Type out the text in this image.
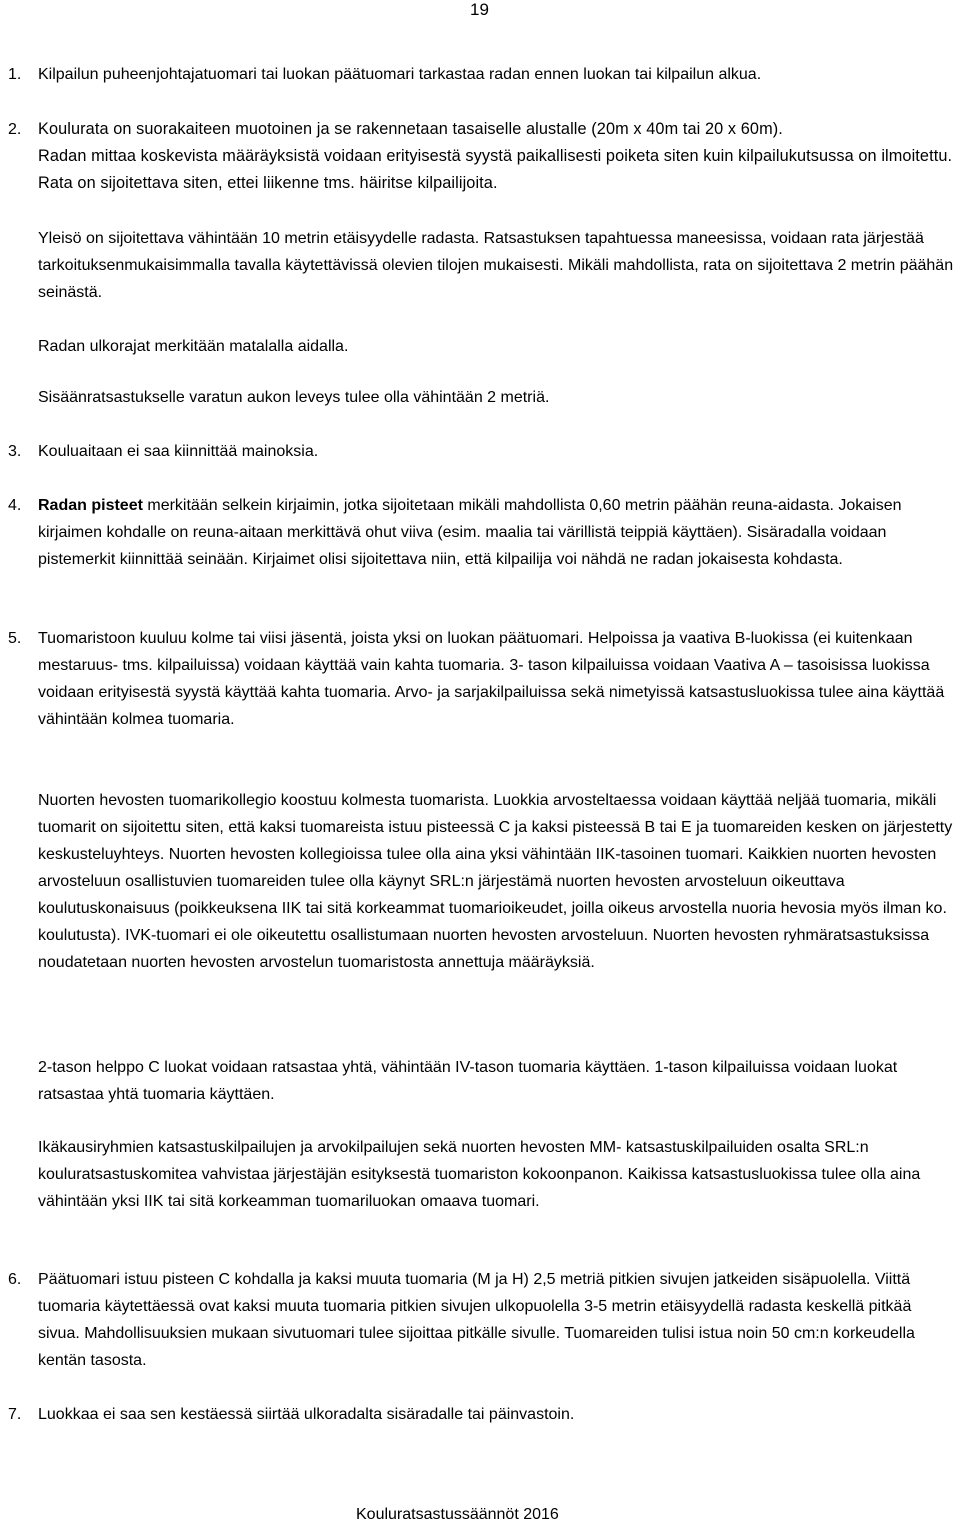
19
1.	Kilpailun puheenjohtajatuomari tai luokan päätuomari tarkastaa radan ennen luokan tai kilpailun alkua.
2.	Koulurata on suorakaiteen muotoinen ja se rakennetaan tasaiselle alustalle (20m x 40m tai 20 x 60m).
Radan mittaa koskevista määräyksistä voidaan erityisestä syystä paikallisesti poiketa siten kuin kilpailukutsussa on ilmoitettu. Rata on sijoitettava siten, ettei liikenne tms. häiritse kilpailijoita.
Yleisö on sijoitettava vähintään 10 metrin etäisyydelle radasta. Ratsastuksen tapahtuessa maneesissa, voidaan rata järjestää tarkoituksenmukaisimmalla tavalla käytettävissä olevien tilojen mukaisesti. Mikäli mahdollista, rata on sijoitettava 2 metrin päähän seinästä.
Radan ulkorajat merkitään matalalla aidalla.
Sisäänratsastukselle varatun aukon leveys tulee olla vähintään 2 metriä.
3.	Kouluaitaan ei saa kiinnittää mainoksia.
4.	Radan pisteet merkitään selkein kirjaimin, jotka sijoitetaan mikäli mahdollista 0,60 metrin päähän reuna-aidasta. Jokaisen kirjaimen kohdalle on reuna-aitaan merkittävä ohut viiva (esim. maalia tai värillistä teippiä käyttäen). Sisäradalla voidaan pistemerkit kiinnittää seinään. Kirjaimet olisi sijoitettava niin, että kilpailija voi nähdä ne radan jokaisesta kohdasta.
5.	Tuomaristoon kuuluu kolme tai viisi jäsentä, joista yksi on luokan päätuomari. Helpoissa ja vaativa B-luokissa (ei kuitenkaan mestaruus- tms. kilpailuissa) voidaan käyttää vain kahta tuomaria. 3- tason kilpailuissa voidaan Vaativa A – tasoisissa luokissa voidaan erityisestä syystä käyttää kahta tuomaria. Arvo- ja sarjakilpailuissa sekä nimetyissä katsastusluokissa tulee aina käyttää vähintään kolmea tuomaria.
Nuorten hevosten tuomarikollegio koostuu kolmesta tuomarista. Luokkia arvosteltaessa voidaan käyttää neljää tuomaria, mikäli tuomarit on sijoitettu siten, että kaksi tuomareista istuu pisteessä C ja kaksi pisteessä B tai E ja tuomareiden kesken on järjestetty keskusteluyhteys. Nuorten hevosten kollegioissa tulee olla aina yksi vähintään IIK-tasoinen tuomari. Kaikkien nuorten hevosten arvosteluun osallistuvien tuomareiden tulee olla käynyt SRL:n järjestämä nuorten hevosten arvosteluun oikeuttava koulutuskonaisuus (poikkeuksena IIK tai sitä korkeammat tuomarioikeudet, joilla oikeus arvostella nuoria hevosia myös ilman ko. koulutusta). IVK-tuomari ei ole oikeutettu osallistumaan nuorten hevosten arvosteluun. Nuorten hevosten ryhmäratsastuksissa noudatetaan nuorten hevosten arvostelun tuomaristosta annettuja määräyksiä.
2-tason helppo C luokat voidaan ratsastaa yhtä, vähintään IV-tason tuomaria käyttäen. 1-tason kilpailuissa voidaan luokat ratsastaa yhtä tuomaria käyttäen.
Ikäkausiryhmien katsastuskilpailujen ja arvokilpailujen sekä nuorten hevosten MM- katsastuskilpailuiden osalta SRL:n kouluratsastuskomitea vahvistaa järjestäjän esityksestä tuomariston kokoonpanon. Kaikissa katsastusluokissa tulee olla aina vähintään yksi IIK tai sitä korkeamman tuomariluokan omaava tuomari.
6.	Päätuomari istuu pisteen C kohdalla ja kaksi muuta tuomaria (M ja H) 2,5 metriä pitkien sivujen jatkeiden sisäpuolella. Viittä tuomaria käytettäessä ovat kaksi muuta tuomaria pitkien sivujen ulkopuolella 3-5 metrin etäisyydellä radasta keskellä pitkää sivua. Mahdollisuuksien mukaan sivutuomari tulee sijoittaa pitkälle sivulle. Tuomareiden tulisi istua noin 50 cm:n korkeudella kentän tasosta.
7.	Luokkaa ei saa sen kestäessä siirtää ulkoradalta sisäradalle tai päinvastoin.
Kouluratsastussäännöt 2016
